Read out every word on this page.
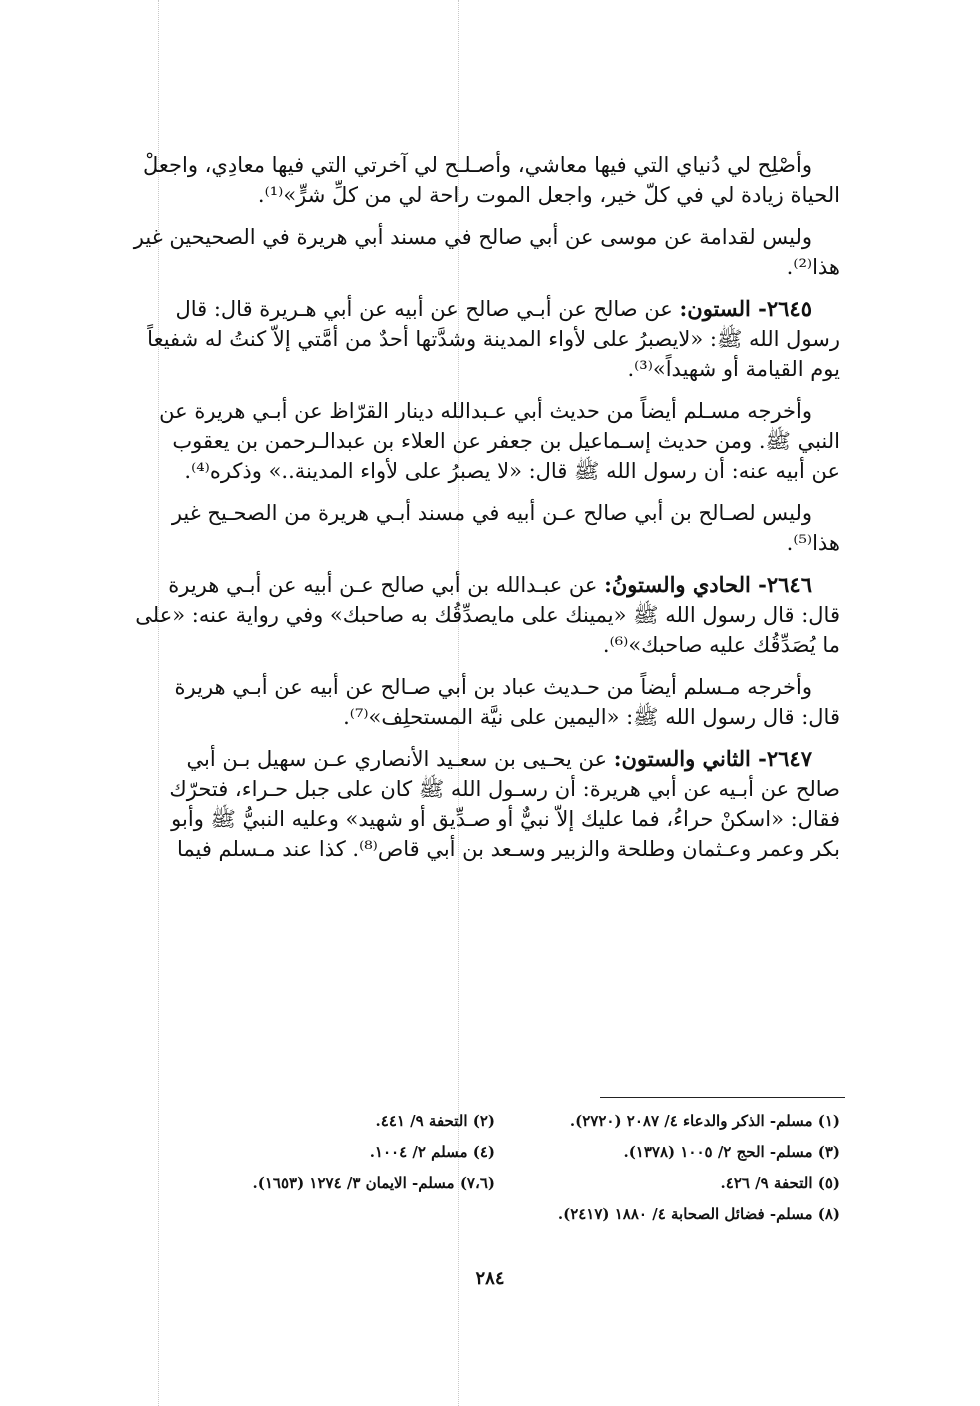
وأصْلِح لي دُنياي التي فيها معاشي، وأصـلـح لي آخرتي التي فيها معادِي، واجعلْ
الحياة زيادة لي في كلّ خير، واجعل الموت راحة لي من كلِّ شرٍّ»⁽¹⁾.
وليس لقدامة عن موسى عن أبي صالح في مسند أبي هريرة في الصحيحين غير
هذا⁽²⁾.
٢٦٤٥- الستون: عن صالح عن أبـي صالح عن أبيه عن أبي هـريرة قال: قال
رسول الله ﷺ: «لايصبرُ على لأواء المدينة وشدَّتها أحدٌ من أمَّتي إلاّ كنتُ له شفيعاً
يوم القيامة أو شهيداً»⁽³⁾.
وأخرجه مسـلم أيضاً من حديث أبي عـبدالله دينار القرّاظ عن أبـي هريرة عن
النبي ﷺ. ومن حديث إسـماعيل بن جعفر عن العلاء بن عبدالـرحمن بن يعقوب
عن أبيه عنه: أن رسول الله ﷺ قال: «لا يصبرُ على لأواء المدينة..» وذكره⁽⁴⁾.
وليس لصـالح بن أبي صالح عـن أبيه في مسند أبـي هريرة من الصحـيح غير
هذا⁽⁵⁾.
٢٦٤٦- الحادي والستونُ: عن عبـدالله بن أبي صالح عـن أبيه عن أبـي هريرة
قال: قال رسول الله ﷺ «يمينك على مايصدِّقُك به صاحبك» وفي رواية عنه: «على
ما يُصَدِّقُك عليه صاحبك»⁽⁶⁾.
وأخرجه مـسلم أيضاً من حـديث عباد بن أبي صـالح عن أبيه عن أبـي هريرة
قال: قال رسول الله ﷺ: «اليمين على نيَّة المستحلِف»⁽⁷⁾.
٢٦٤٧- الثاني والستون: عن يحـيى بن سعـيد الأنصاري عـن سهيل بـن أبي
صالح عن أبـيه عن أبي هريرة: أن رسـول الله ﷺ كان على جبل حـراء، فتحرّك
فقال: «اسكنْ حراءُ، فما عليك إلاّ نبيٌّ أو صـدِّيق أو شهيد» وعليه النبيُّ ﷺ وأبو
بكر وعمر وعـثمان وطلحة والزبير وسـعد بن أبي قاص⁽⁸⁾. كذا عند مـسلم فيما
(١) مسلم- الذكر والدعاء ٤/ ٢٠٨٧ (٢٧٢٠).
(٢) التحفة ٩/ ٤٤١.
(٣) مسلم- الحج ٢/ ١٠٠٥ (١٣٧٨).
(٤) مسلم ٢/ ١٠٠٤.
(٥) التحفة ٩/ ٤٢٦.
(٧،٦) مسلم- الايمان ٣/ ١٢٧٤ (١٦٥٣).
(٨) مسلم- فضائل الصحابة ٤/ ١٨٨٠ (٢٤١٧).
٢٨٤
